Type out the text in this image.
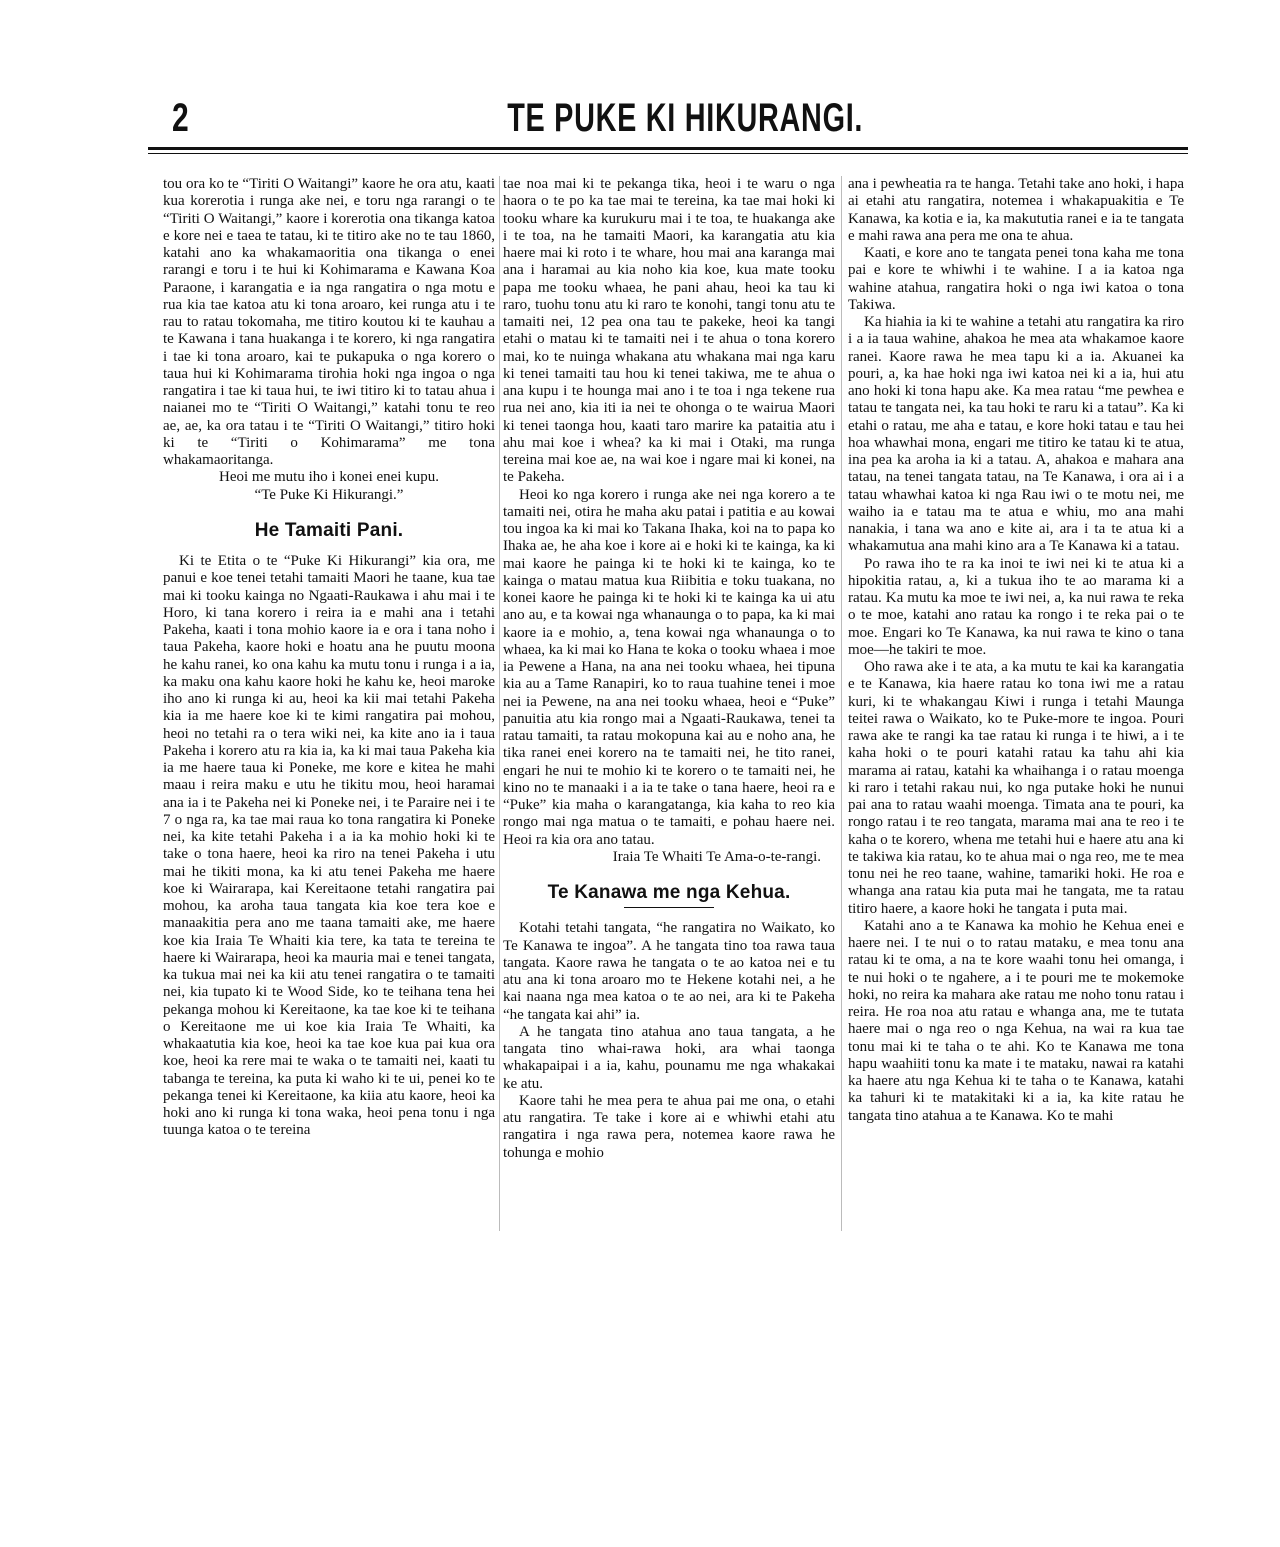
2	TE PUKE KI HIKURANGI.

tou ora ko te “Tiriti O Waitangi” kaore he ora atu, kaati kua korerotia i runga ake nei, e toru nga rarangi o te “Tiriti O Waitangi,” kaore i korerotia ona tikanga katoa e kore nei e taea te tatau, ki te titiro ake no te tau 1860, katahi ano ka whakamaoritia ona tikanga o enei rarangi e toru i te hui ki Kohimarama e Kawana Koa Paraone, i karangatia e ia nga rangatira o nga motu e rua kia tae katoa atu ki tona aroaro, kei runga atu i te rau to ratau tokomaha, me titiro koutou ki te kauhau a te Kawana i tana huakanga i te korero, ki nga rangatira i tae ki tona aroaro, kai te pukapuka o nga korero o taua hui ki Kohimarama tirohia hoki nga ingoa o nga rangatira i tae ki taua hui, te iwi titiro ki to tatau ahua i naianei mo te “Tiriti O Waitangi,” katahi tonu te reo ae, ae, ka ora tatau i te “Tiriti O Waitangi,” titiro hoki ki te “Tiriti o Kohimarama” me tona whakamaoritanga.

Heoi me mutu iho i konei enei kupu.

“Te Puke Ki Hikurangi.”

He Tamaiti Pani.

Ki te Etita o te “Puke Ki Hikurangi” kia ora, me panui e koe tenei tetahi tamaiti Maori he taane, kua tae mai ki tooku kainga no Ngaati-Raukawa i ahu mai i te Horo, ki tana korero i reira ia e mahi ana i tetahi Pakeha, kaati i tona mohio kaore ia e ora i tana noho i taua Pakeha, kaore hoki e hoatu ana he puutu moona he kahu ranei, ko ona kahu ka mutu tonu i runga i a ia, ka maku ona kahu kaore hoki he kahu ke, heoi maroke iho ano ki runga ki au, heoi ka kii mai tetahi Pakeha kia ia me haere koe ki te kimi rangatira pai mohou, heoi no tetahi ra o tera wiki nei, ka kite ano ia i taua Pakeha i korero atu ra kia ia, ka ki mai taua Pakeha kia ia me haere taua ki Poneke, me kore e kitea he mahi maau i reira maku e utu he tikitu mou, heoi haramai ana ia i te Pakeha nei ki Poneke nei, i te Paraire nei i te 7 o nga ra, ka tae mai raua ko tona rangatira ki Poneke nei, ka kite tetahi Pakeha i a ia ka mohio hoki ki te take o tona haere, heoi ka riro na tenei Pakeha i utu mai he tikiti mona, ka ki atu tenei Pakeha me haere koe ki Wairarapa, kai Kereitaone tetahi rangatira pai mohou, ka aroha taua tangata kia koe tera koe e manaakitia pera ano me taana tamaiti ake, me haere koe kia Iraia Te Whaiti kia tere, ka tata te tereina te haere ki Wairarapa, heoi ka mauria mai e tenei tangata, ka tukua mai nei ka kii atu tenei rangatira o te tamaiti nei, kia tupato ki te Wood Side, ko te teihana tena hei pekanga mohou ki Kereitaone, ka tae koe ki te teihana o Kereitaone me ui koe kia Iraia Te Whaiti, ka whakaatutia kia koe, heoi ka tae koe kua pai kua ora koe, heoi ka rere mai te waka o te tamaiti nei, kaati tu tabanga te tereina, ka puta ki waho ki te ui, penei ko te pekanga tenei ki Kereitaone, ka kiia atu kaore, heoi ka hoki ano ki runga ki tona waka, heoi pena tonu i nga tuunga katoa o te tereina

tae noa mai ki te pekanga tika, heoi i te waru o nga haora o te po ka tae mai te tereina, ka tae mai hoki ki tooku whare ka kurukuru mai i te toa, te huakanga ake i te toa, na he tamaiti Maori, ka karangatia atu kia haere mai ki roto i te whare, hou mai ana karanga mai ana i haramai au kia noho kia koe, kua mate tooku papa me tooku whaea, he pani ahau, heoi ka tau ki raro, tuohu tonu atu ki raro te konohi, tangi tonu atu te tamaiti nei, 12 pea ona tau te pakeke, heoi ka tangi etahi o matau ki te tamaiti nei i te ahua o tona korero mai, ko te nuinga whakana atu whakana mai nga karu ki tenei tamaiti tau hou ki tenei takiwa, me te ahua o ana kupu i te hounga mai ano i te toa i nga tekene rua rua nei ano, kia iti ia nei te ohonga o te wairua Maori ki tenei taonga hou, kaati taro marire ka pataitia atu i ahu mai koe i whea? ka ki mai i Otaki, ma runga tereina mai koe ae, na wai koe i ngare mai ki konei, na te Pakeha.

Heoi ko nga korero i runga ake nei nga korero a te tamaiti nei, otira he maha aku patai i patitia e au kowai tou ingoa ka ki mai ko Takana Ihaka, koi na to papa ko Ihaka ae, he aha koe i kore ai e hoki ki te kainga, ka ki mai kaore he painga ki te hoki ki te kainga, ko te kainga o matau matua kua Riibitia e toku tuakana, no konei kaore he painga ki te hoki ki te kainga ka ui atu ano au, e ta kowai nga whanaunga o to papa, ka ki mai kaore ia e mohio, a, tena kowai nga whanaunga o to whaea, ka ki mai ko Hana te koka o tooku whaea i moe ia Pewene a Hana, na ana nei tooku whaea, hei tipuna kia au a Tame Ranapiri, ko to raua tuahine tenei i moe nei ia Pewene, na ana nei tooku whaea, heoi e “Puke” panuitia atu kia rongo mai a Ngaati-Raukawa, tenei ta ratau tamaiti, ta ratau mokopuna kai au e noho ana, he tika ranei enei korero na te tamaiti nei, he tito ranei, engari he nui te mohio ki te korero o te tamaiti nei, he kino no te manaaki i a ia te take o tana haere, heoi ra e “Puke” kia maha o karangatanga, kia kaha to reo kia rongo mai nga matua o te tamaiti, e pohau haere nei. Heoi ra kia ora ano tatau.

Iraia Te Whaiti Te Ama-o-te-rangi.

Te Kanawa me nga Kehua.

Kotahi tetahi tangata, “he rangatira no Waikato, ko Te Kanawa te ingoa”. A he tangata tino toa rawa taua tangata. Kaore rawa he tangata o te ao katoa nei e tu atu ana ki tona aroaro mo te Hekene kotahi nei, a he kai naana nga mea katoa o te ao nei, ara ki te Pakeha “he tangata kai ahi” ia.

A he tangata tino atahua ano taua tangata, a he tangata tino whai-rawa hoki, ara whai taonga whakapaipai i a ia, kahu, pounamu me nga whakakai ke atu.

Kaore tahi he mea pera te ahua pai me ona, o etahi atu rangatira. Te take i kore ai e whiwhi etahi atu rangatira i nga rawa pera, notemea kaore rawa he tohunga e mohio

ana i pewheatia ra te hanga. Tetahi take ano hoki, i hapa ai etahi atu rangatira, notemea i whakapuakitia e Te Kanawa, ka kotia e ia, ka makututia ranei e ia te tangata e mahi rawa ana pera me ona te ahua.

Kaati, e kore ano te tangata penei tona kaha me tona pai e kore te whiwhi i te wahine. I a ia katoa nga wahine atahua, rangatira hoki o nga iwi katoa o tona Takiwa.

Ka hiahia ia ki te wahine a tetahi atu rangatira ka riro i a ia taua wahine, ahakoa he mea ata whakamoe kaore ranei. Kaore rawa he mea tapu ki a ia. Akuanei ka pouri, a, ka hae hoki nga iwi katoa nei ki a ia, hui atu ano hoki ki tona hapu ake. Ka mea ratau “me pewhea e tatau te tangata nei, ka tau hoki te raru ki a tatau”. Ka ki etahi o ratau, me aha e tatau, e kore hoki tatau e tau hei hoa whawhai mona, engari me titiro ke tatau ki te atua, ina pea ka aroha ia ki a tatau. A, ahakoa e mahara ana tatau, na tenei tangata tatau, na Te Kanawa, i ora ai i a tatau whawhai katoa ki nga Rau iwi o te motu nei, me waiho ia e tatau ma te atua e whiu, mo ana mahi nanakia, i tana wa ano e kite ai, ara i ta te atua ki a whakamutua ana mahi kino ara a Te Kanawa ki a tatau.

Po rawa iho te ra ka inoi te iwi nei ki te atua ki a hipokitia ratau, a, ki a tukua iho te ao marama ki a ratau. Ka mutu ka moe te iwi nei, a, ka nui rawa te reka o te moe, katahi ano ratau ka rongo i te reka pai o te moe. Engari ko Te Kanawa, ka nui rawa te kino o tana moe—he takiri te moe.

Oho rawa ake i te ata, a ka mutu te kai ka karangatia e te Kanawa, kia haere ratau ko tona iwi me a ratau kuri, ki te whakangau Kiwi i runga i tetahi Maunga teitei rawa o Waikato, ko te Puke-more te ingoa. Pouri rawa ake te rangi ka tae ratau ki runga i te hiwi, a i te kaha hoki o te pouri katahi ratau ka tahu ahi kia marama ai ratau, katahi ka whaihanga i o ratau moenga ki raro i tetahi rakau nui, ko nga putake hoki he nunui pai ana to ratau waahi moenga. Timata ana te pouri, ka rongo ratau i te reo tangata, marama mai ana te reo i te kaha o te korero, whena me tetahi hui e haere atu ana ki te takiwa kia ratau, ko te ahua mai o nga reo, me te mea tonu nei he reo taane, wahine, tamariki hoki. He roa e whanga ana ratau kia puta mai he tangata, me ta ratau titiro haere, a kaore hoki he tangata i puta mai.

Katahi ano a te Kanawa ka mohio he Kehua enei e haere nei. I te nui o to ratau mataku, e mea tonu ana ratau ki te oma, a na te kore waahi tonu hei omanga, i te nui hoki o te ngahere, a i te pouri me te mokemoke hoki, no reira ka mahara ake ratau me noho tonu ratau i reira. He roa noa atu ratau e whanga ana, me te tutata haere mai o nga reo o nga Kehua, na wai ra kua tae tonu mai ki te taha o te ahi. Ko te Kanawa me tona hapu waahiiti tonu ka mate i te mataku, nawai ra katahi ka haere atu nga Kehua ki te taha o te Kanawa, katahi ka tahuri ki te matakitaki ki a ia, ka kite ratau he tangata tino atahua a te Kanawa. Ko te mahi
